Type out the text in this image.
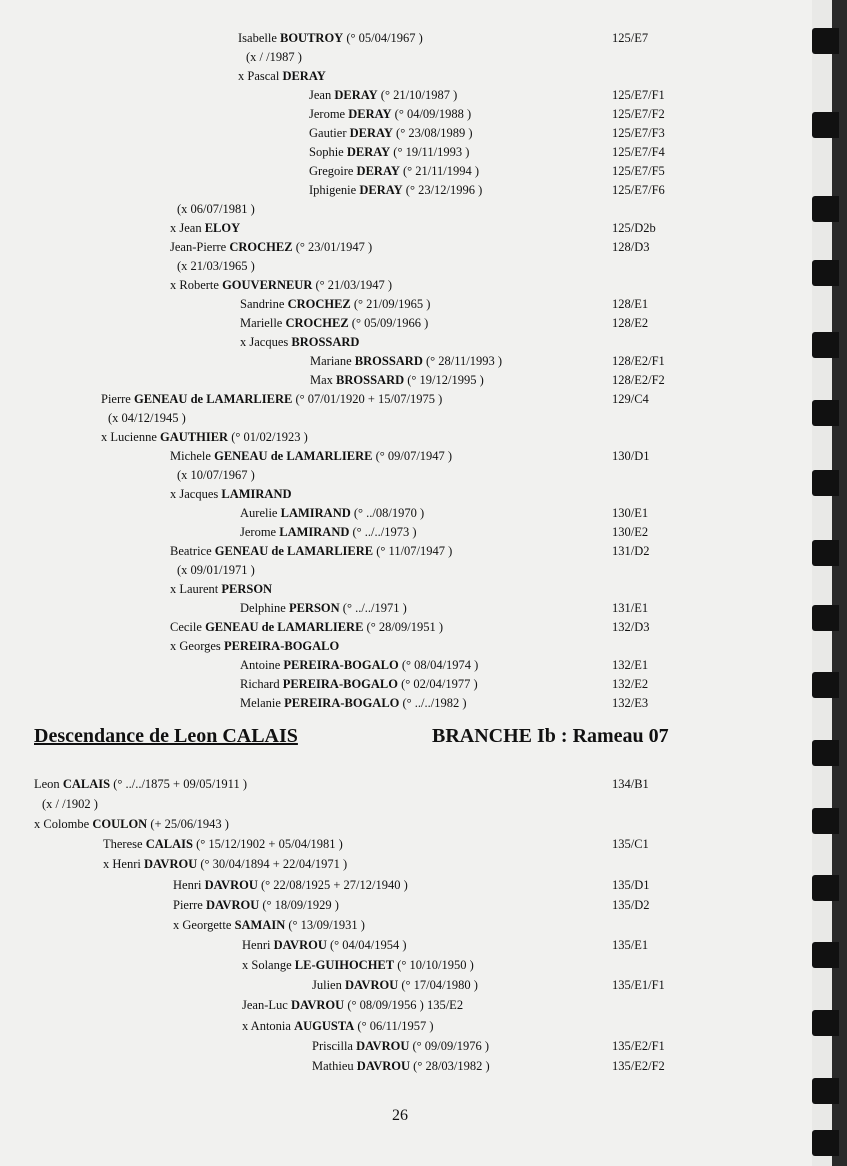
Isabelle BOUTROY (° 05/04/1967 )	125/E7
(x / /1987 )
x Pascal DERAY
Jean DERAY (° 21/10/1987 )	125/E7/F1
Jerome DERAY (° 04/09/1988 )	125/E7/F2
Gautier DERAY (° 23/08/1989 )	125/E7/F3
Sophie DERAY (° 19/11/1993 )	125/E7/F4
Gregoire DERAY (° 21/11/1994 )	125/E7/F5
Iphigenie DERAY (° 23/12/1996 )	125/E7/F6
(x 06/07/1981 )
x Jean ELOY	125/D2b
Jean-Pierre CROCHEZ (° 23/01/1947 )	128/D3
(x 21/03/1965 )
x Roberte GOUVERNEUR (° 21/03/1947 )
Sandrine CROCHEZ (° 21/09/1965 )	128/E1
Marielle CROCHEZ (° 05/09/1966 )	128/E2
x Jacques BROSSARD
Mariane BROSSARD (° 28/11/1993 )	128/E2/F1
Max BROSSARD (° 19/12/1995 )	128/E2/F2
Pierre GENEAU de LAMARLIERE (° 07/01/1920 + 15/07/1975 )	129/C4
(x 04/12/1945 )
x Lucienne GAUTHIER (° 01/02/1923 )
Michele GENEAU de LAMARLIERE (° 09/07/1947 )	130/D1
(x 10/07/1967 )
x Jacques LAMIRAND
Aurelie LAMIRAND (° ../08/1970 )	130/E1
Jerome LAMIRAND (° ../../1973 )	130/E2
Beatrice GENEAU de LAMARLIERE (° 11/07/1947 )	131/D2
(x 09/01/1971 )
x Laurent PERSON
Delphine PERSON (° ../../1971 )	131/E1
Cecile GENEAU de LAMARLIERE (° 28/09/1951 )	132/D3
x Georges PEREIRA-BOGALO
Antoine PEREIRA-BOGALO (° 08/04/1974 )	132/E1
Richard PEREIRA-BOGALO (° 02/04/1977 )	132/E2
Melanie PEREIRA-BOGALO (° ../../1982 )	132/E3
Descendance de Leon CALAIS	BRANCHE Ib : Rameau 07
Leon CALAIS (° ../../1875 + 09/05/1911 )	134/B1
(x / /1902 )
x Colombe COULON (+ 25/06/1943 )
Therese CALAIS (° 15/12/1902 + 05/04/1981 )	135/C1
x Henri DAVROU (° 30/04/1894 + 22/04/1971 )
Henri DAVROU (° 22/08/1925 + 27/12/1940 )	135/D1
Pierre DAVROU (° 18/09/1929 )	135/D2
x Georgette SAMAIN (° 13/09/1931 )
Henri DAVROU (° 04/04/1954 )	135/E1
x Solange LE-GUIHOCHET (° 10/10/1950 )
Julien DAVROU (° 17/04/1980 )	135/E1/F1
Jean-Luc DAVROU (° 08/09/1956 ) 135/E2
x Antonia AUGUSTA (° 06/11/1957 )
Priscilla DAVROU (° 09/09/1976 )	135/E2/F1
Mathieu DAVROU (° 28/03/1982 )	135/E2/F2
26
